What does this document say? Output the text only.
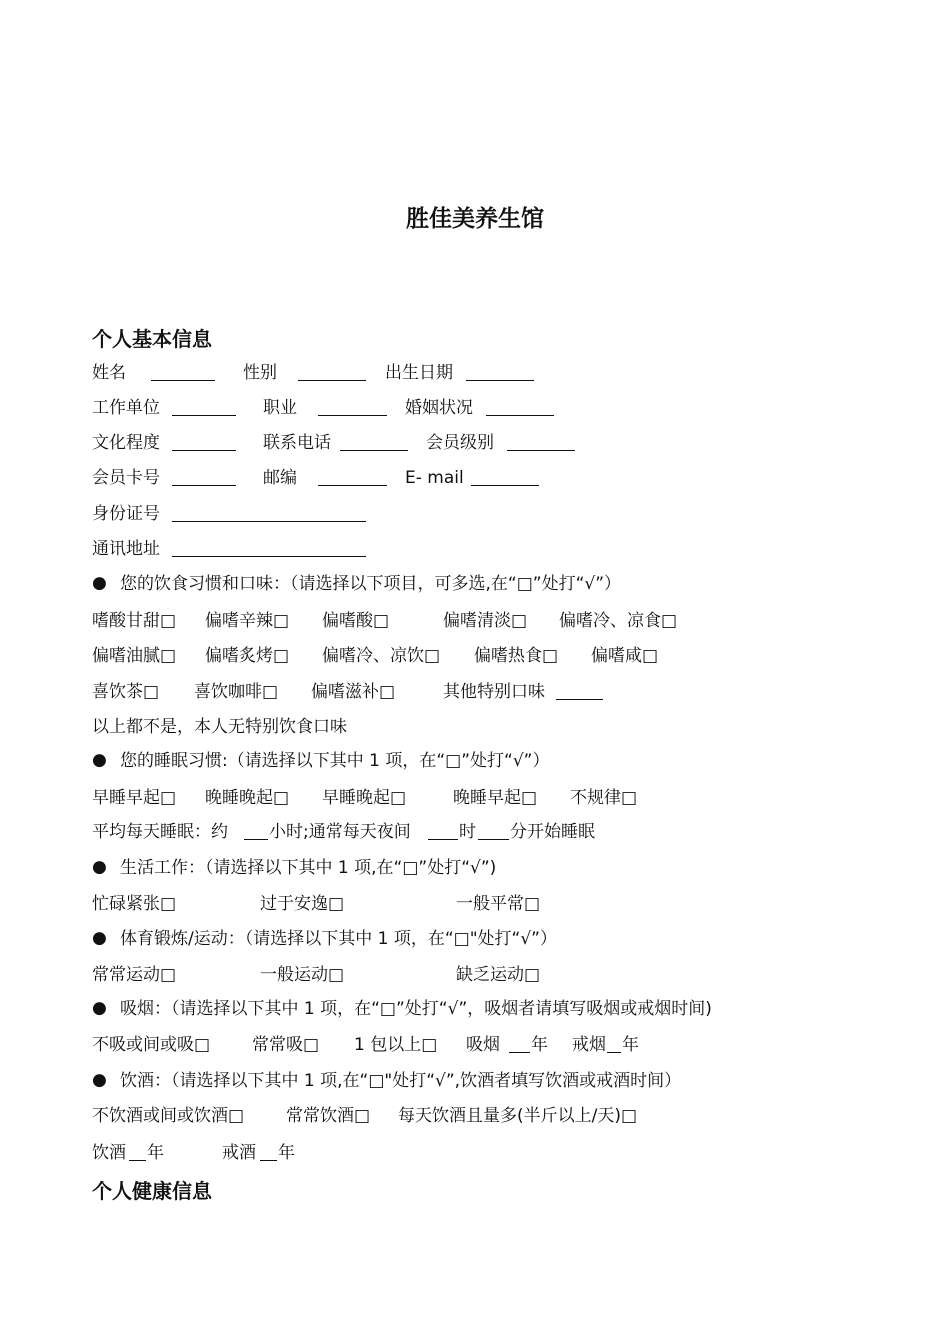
胜佳美养生馆
个人基本信息
姓名	性别	出生日期
工作单位	职业	婚姻状况
文化程度	联系电话	会员级别
会员卡号	邮编	E- mail
身份证号
通讯地址
● 您的饮食习惯和口味：（请选择以下项目，可多选,在“□”处打“√”）
嗜酸甘甜□ 偏嗜辛辣□ 偏嗜酸□	偏嗜清淡□ 偏嗜冷、凉食□
偏嗜油腻□ 偏嗜炙烤□ 偏嗜冷、凉饮□ 偏嗜热食□ 偏嗜咸□
喜饮茶□ 喜饮咖啡□ 偏嗜滋补□	其他特别口味
以上都不是，本人无特别饮食口味
● 您的睡眠习惯:（请选择以下其中 1 项，在“□”处打“√”）
早睡早起□ 晚睡晚起□ 早睡晚起□	晚睡早起□ 不规律□
平均每天睡眠：约 小时;通常每天夜间	时 分开始睡眠
● 生活工作：（请选择以下其中 1 项,在“□”处打“√”)
忙碌紧张□	过于安逸□	一般平常□
● 体育锻炼/运动：（请选择以下其中 1 项，在“□"处打“√”）
常常运动□	一般运动□	缺乏运动□
● 吸烟：（请选择以下其中 1 项，在“□”处打“√”，吸烟者请填写吸烟或戒烟时间)
不吸或间或吸□ 常常吸□ 1 包以上□ 吸烟 年 戒烟 年
● 饮酒：（请选择以下其中 1 项,在“□"处打“√”,饮酒者填写饮酒或戒酒时间）
不饮酒或间或饮酒□ 常常饮酒□ 每天饮酒且量多(半斤以上/天)□
饮酒 年	戒酒 年
个人健康信息
